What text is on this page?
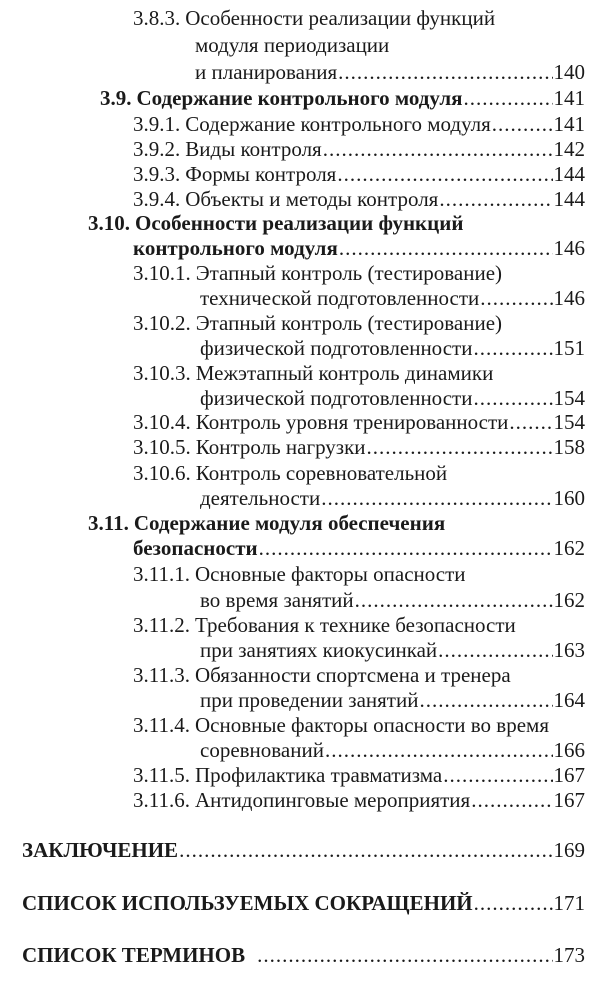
3.8.3. Особенности реализации функций
модуля периодизации
и планирования .....	140
3.9. Содержание контрольного модуля .....	141
3.9.1. Содержание контрольного модуля .....	141
3.9.2. Виды контроля .....	142
3.9.3. Формы контроля .....	144
3.9.4. Объекты и методы контроля .....	144
3.10. Особенности реализации функций
контрольного модуля .....	146
3.10.1. Этапный контроль (тестирование)
технической подготовленности .....	146
3.10.2. Этапный контроль (тестирование)
физической подготовленности .....	151
3.10.3. Межэтапный контроль динамики
физической подготовленности .....	154
3.10.4. Контроль уровня тренированности ..... 154
3.10.5. Контроль нагрузки .....	158
3.10.6. Контроль соревновательной
деятельности .....	160
3.11. Содержание модуля обеспечения
безопасности .....	162
3.11.1. Основные факторы опасности
во время занятий .....	162
3.11.2. Требования к технике безопасности
при занятиях киокусинкай .....	163
3.11.3. Обязанности спортсмена и тренера
при проведении занятий .....	164
3.11.4. Основные факторы опасности во время
соревнований .....	166
3.11.5. Профилактика травматизма .....	167
3.11.6. Антидопинговые мероприятия .....	167
ЗАКЛЮЧЕНИЕ .....	169
СПИСОК ИСПОЛЬЗУЕМЫХ СОКРАЩЕНИЙ .....	171
СПИСОК ТЕРМИНОВ .....	173
